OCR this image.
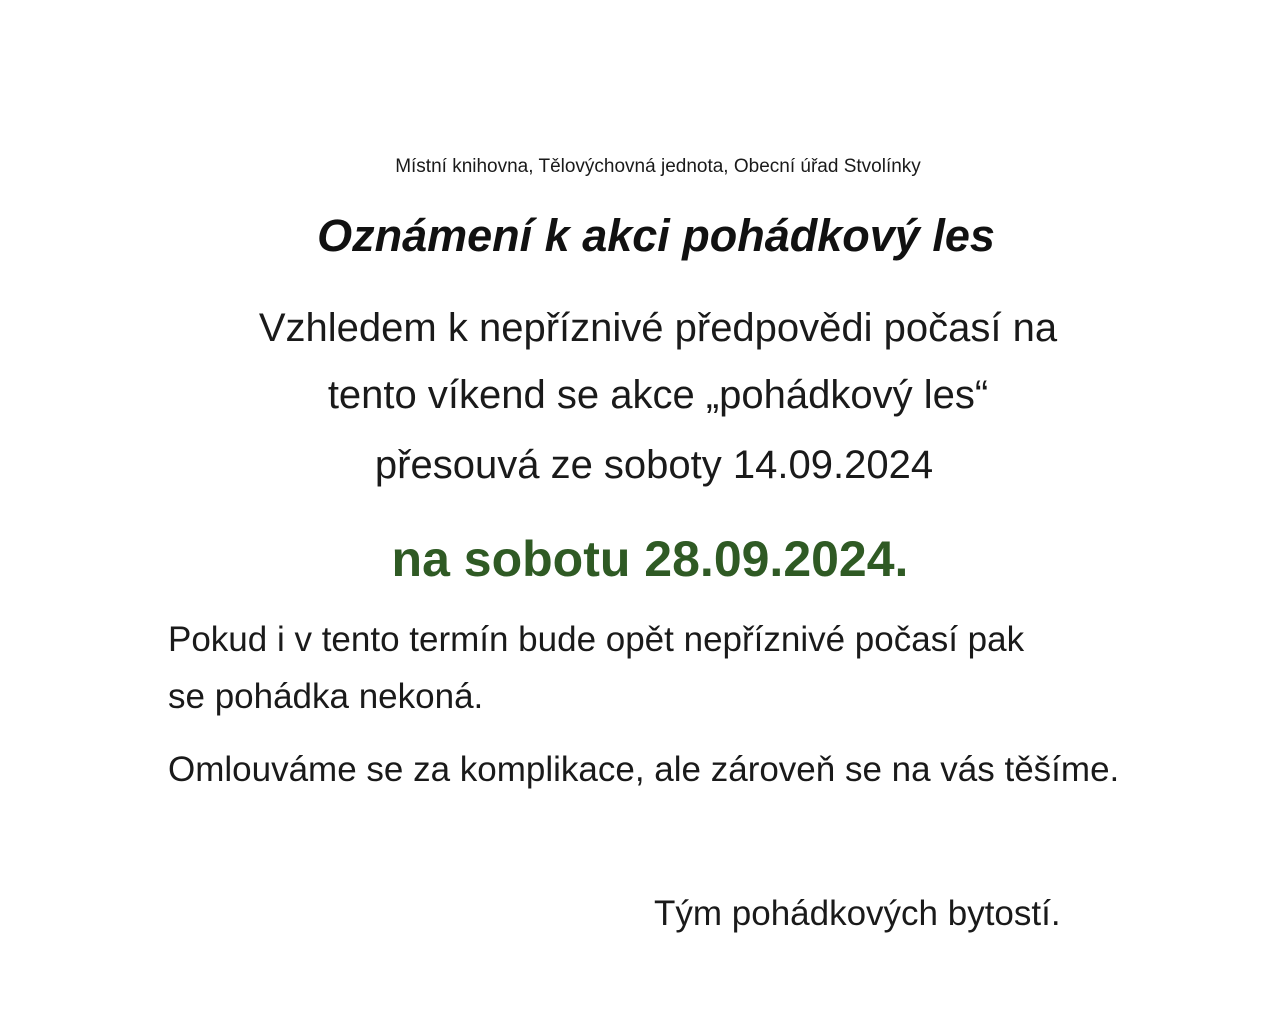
Místní knihovna, Tělovýchovná jednota, Obecní úřad Stvolínky
Oznámení k akci pohádkový les
Vzhledem k nepříznivé předpovědi počasí na
tento víkend se akce „pohádkový les“
přesouvá ze soboty 14.09.2024
na sobotu 28.09.2024.
Pokud i v tento termín bude opět nepříznivé počasí pak
se pohádka nekoná.
Omlouváme se za komplikace, ale zároveň se na vás těšíme.
Tým pohádkových bytostí.
